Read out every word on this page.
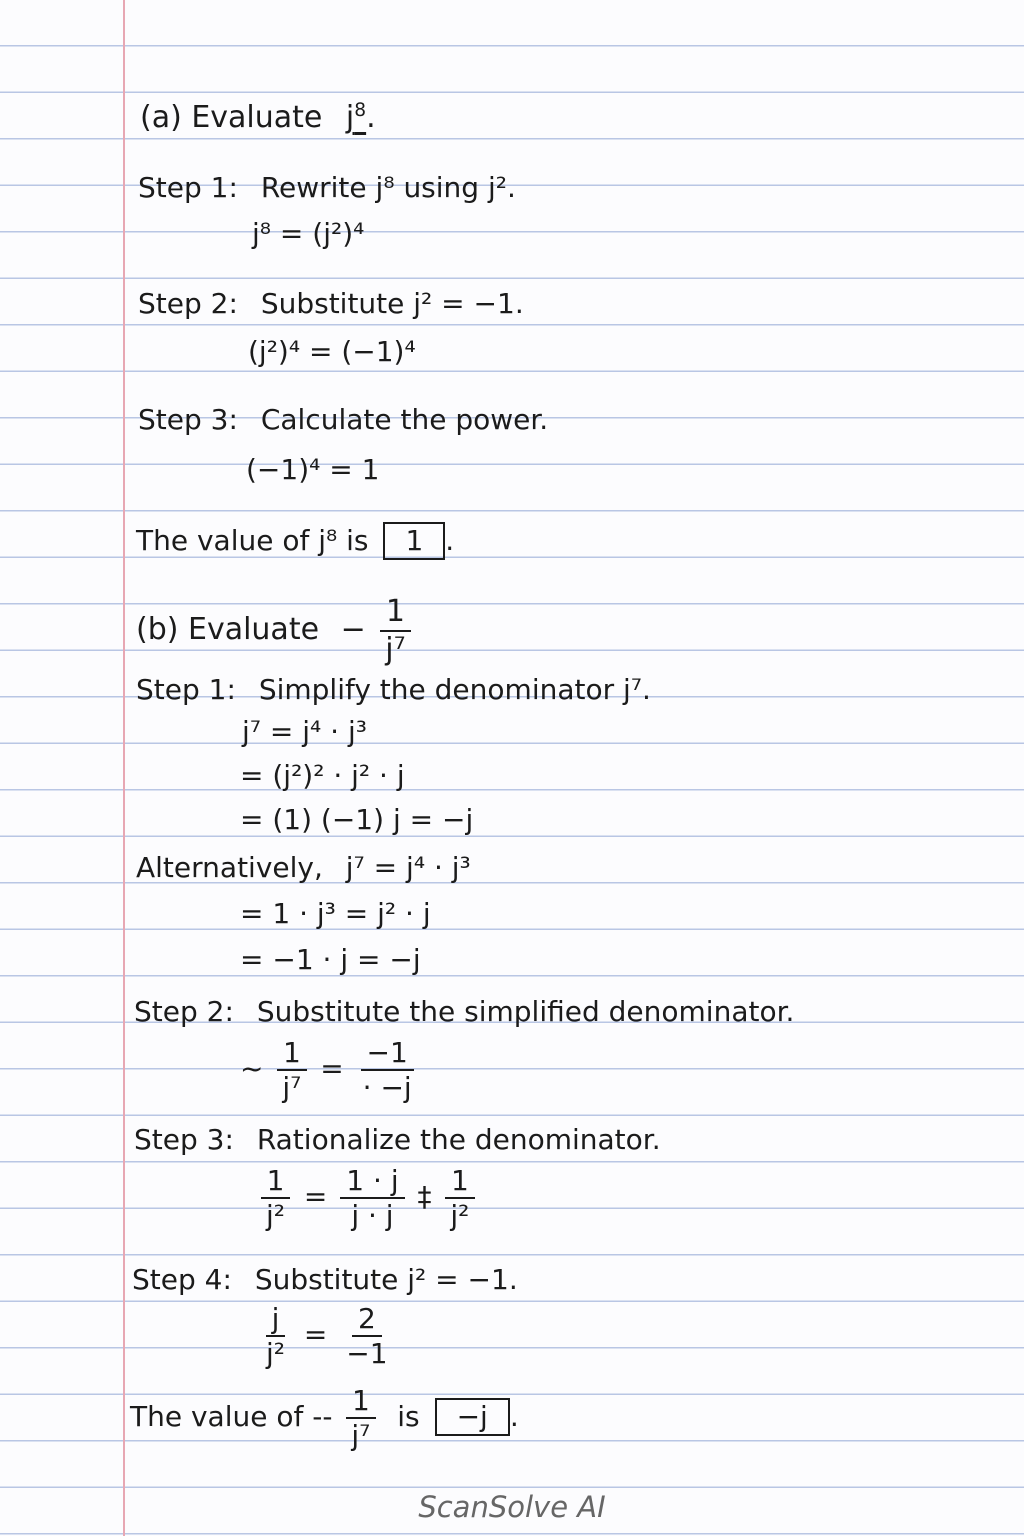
(a) Evaluate $j^8$.
Step 1: Rewrite j⁸ using j².
j⁸ = (j²)⁴
Step 2: Substitute j² = −1.
(j²)⁴ = (−1)⁴
Step 3: Calculate the power.
(−1)⁴ = 1
The value of j⁸ is 1 .
(b) Evaluate − $\frac{1}{\text{j⁷}}$
Step 1: Simplify the denominator j⁷.
j⁷ = j⁴ · j³
= (j²)² · j² · j
= (1) (−1) j = −j
Alternatively, j⁷ = j⁴ · j³
= 1 · j³ = j² · j
= −1 · j = −j
Step 2: Substitute the simplified denominator.
~ $\frac{1}{\text{j⁷}} = \frac{-1}{\cdot -j}$
Step 3: Rationalize the denominator.
$\frac{1}{\text{j²}} = \frac{1 \cdot j}{j \cdot j}$ ‡ $\frac{1}{\text{j²}}$
Step 4: Substitute j² = −1.
$\frac{j}{\text{j²}} = \frac{2}{-1}$
The value of -- $\frac{1}{\text{j⁷}}$ is −j .
ScanSolve AI
